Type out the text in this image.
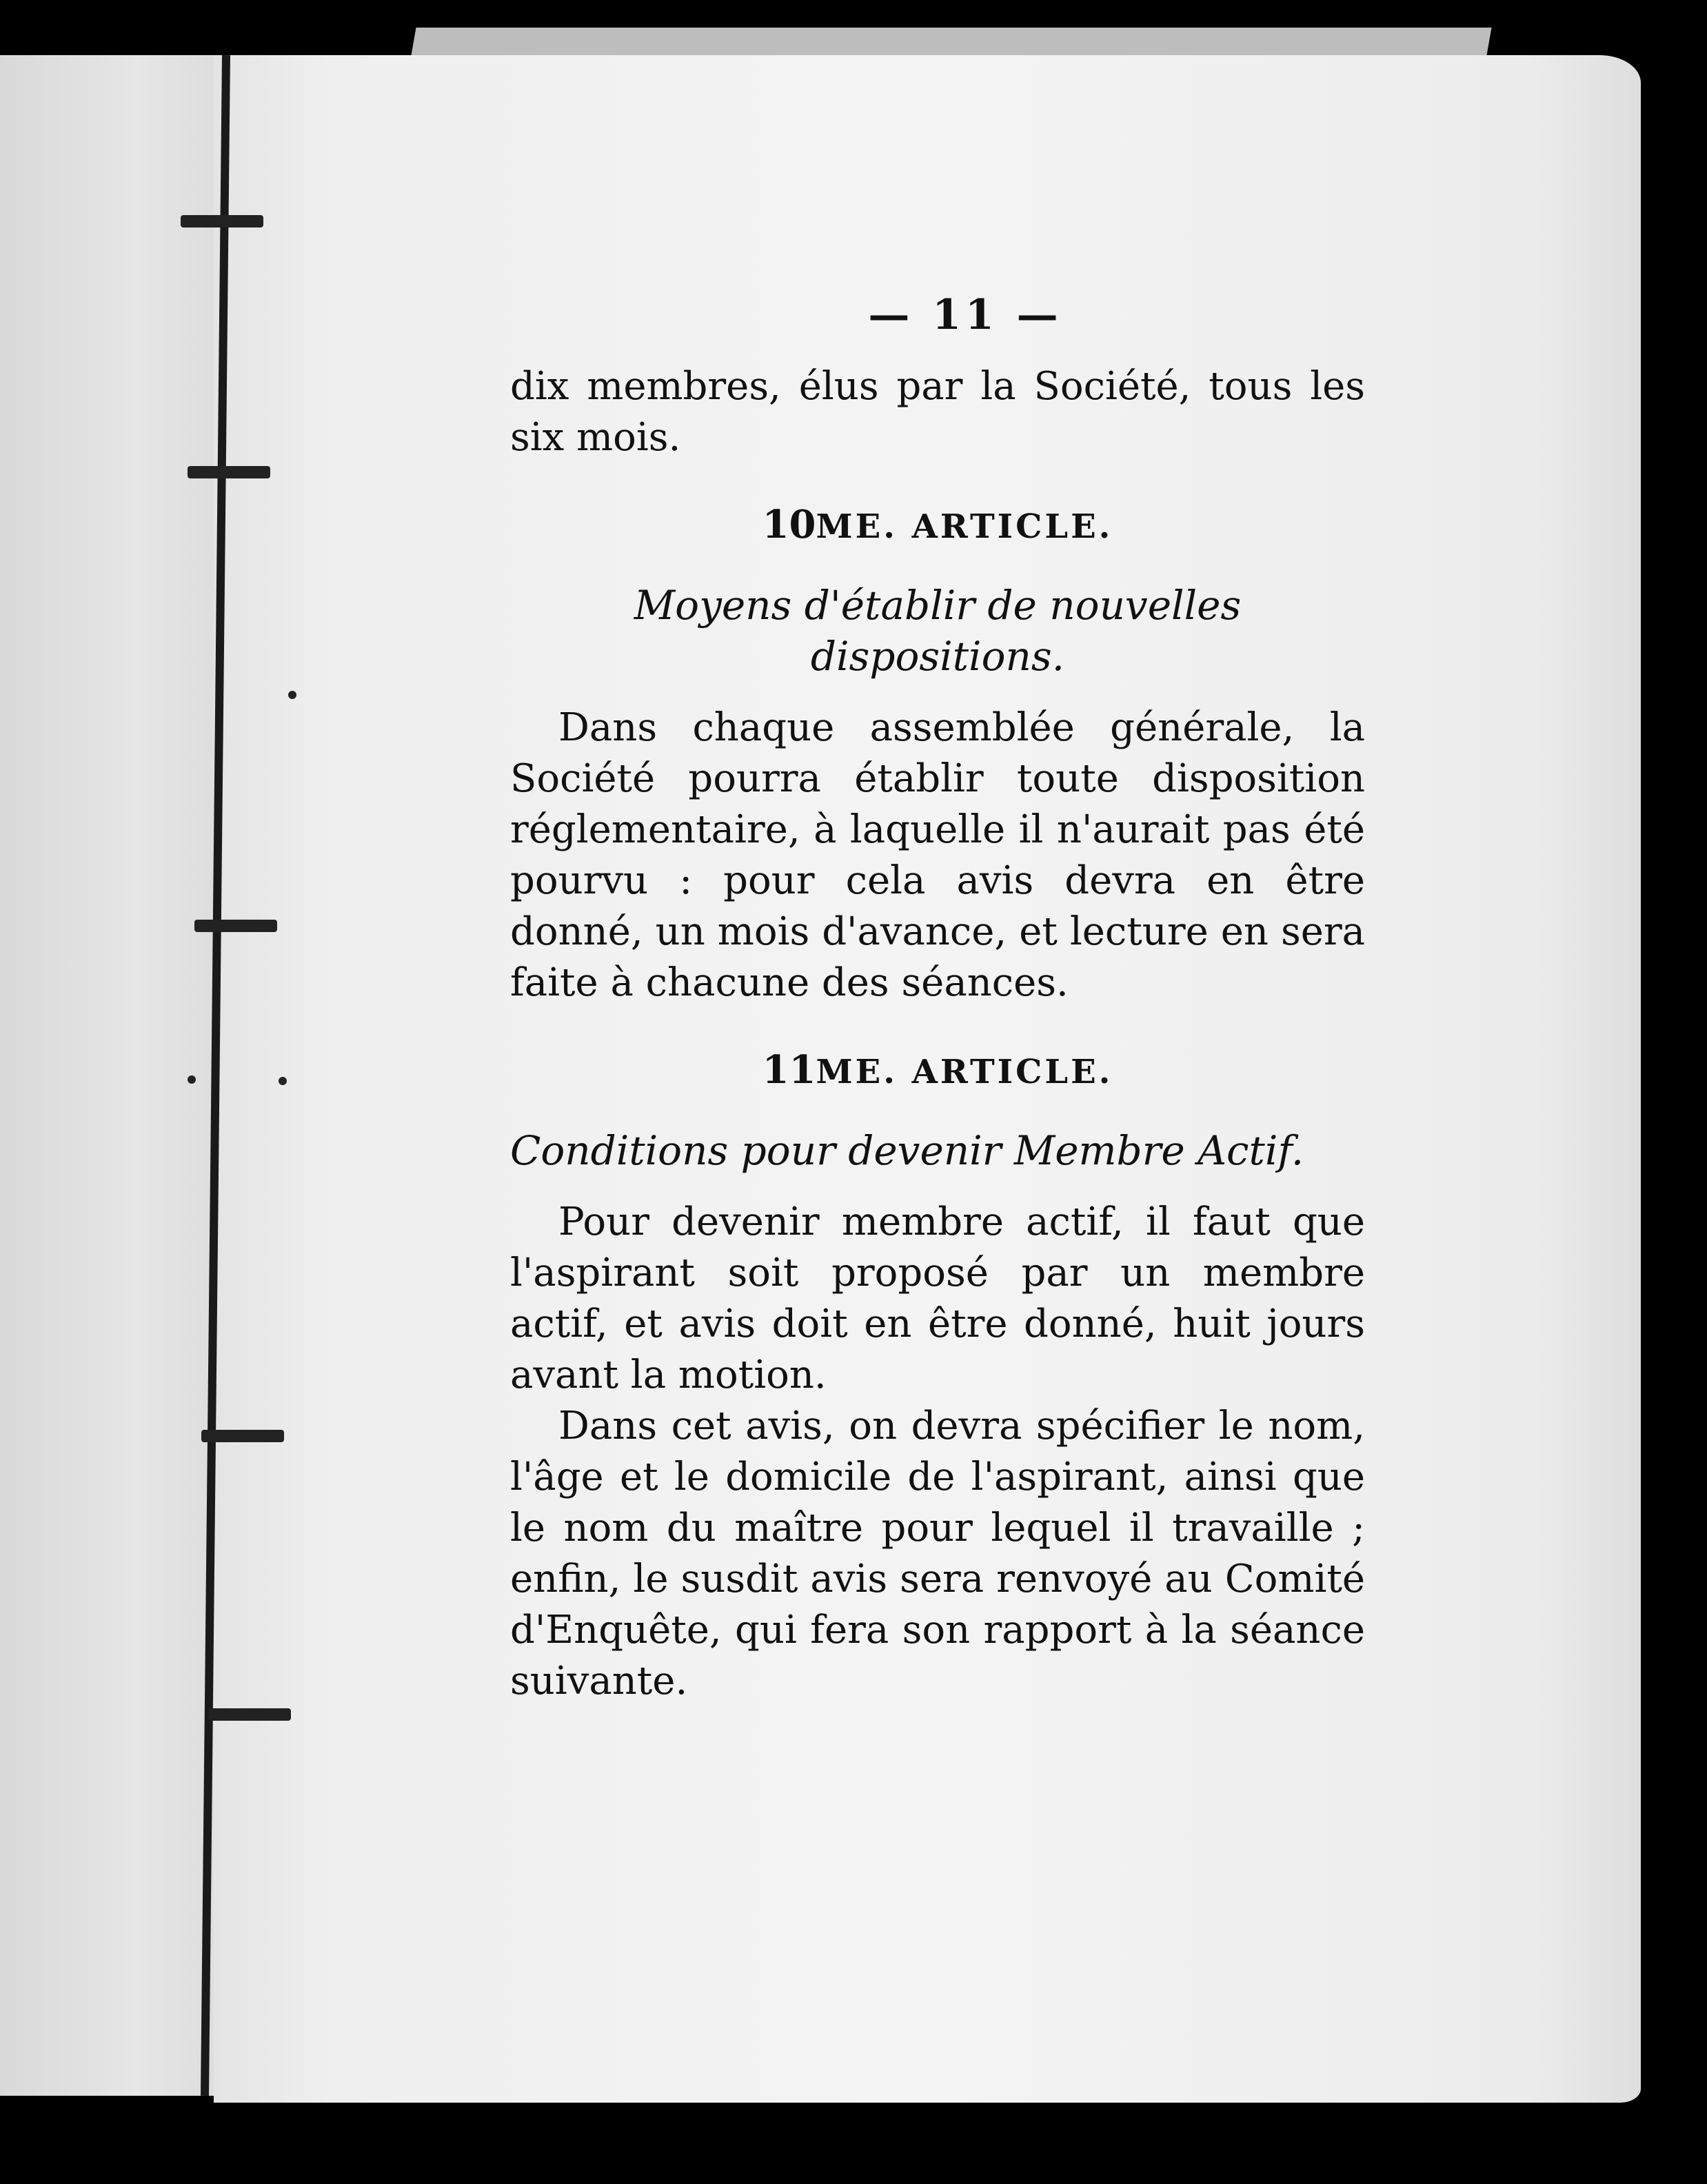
— 11 —

dix membres, élus par la Société, tous les six mois.

10ME. ARTICLE.
Moyens d'établir de nouvelles dispositions.

Dans chaque assemblée générale, la Société pourra établir toute disposition réglementaire, à laquelle il n'aurait pas été pourvu : pour cela avis devra en être donné, un mois d'avance, et lecture en sera faite à chacune des séances.

11ME. ARTICLE.
Conditions pour devenir Membre Actif.

Pour devenir membre actif, il faut que l'aspirant soit proposé par un membre actif, et avis doit en être donné, huit jours avant la motion.

Dans cet avis, on devra spécifier le nom, l'âge et le domicile de l'aspirant, ainsi que le nom du maître pour lequel il travaille ; enfin, le susdit avis sera renvoyé au Comité d'Enquête, qui fera son rapport à la séance suivante.
